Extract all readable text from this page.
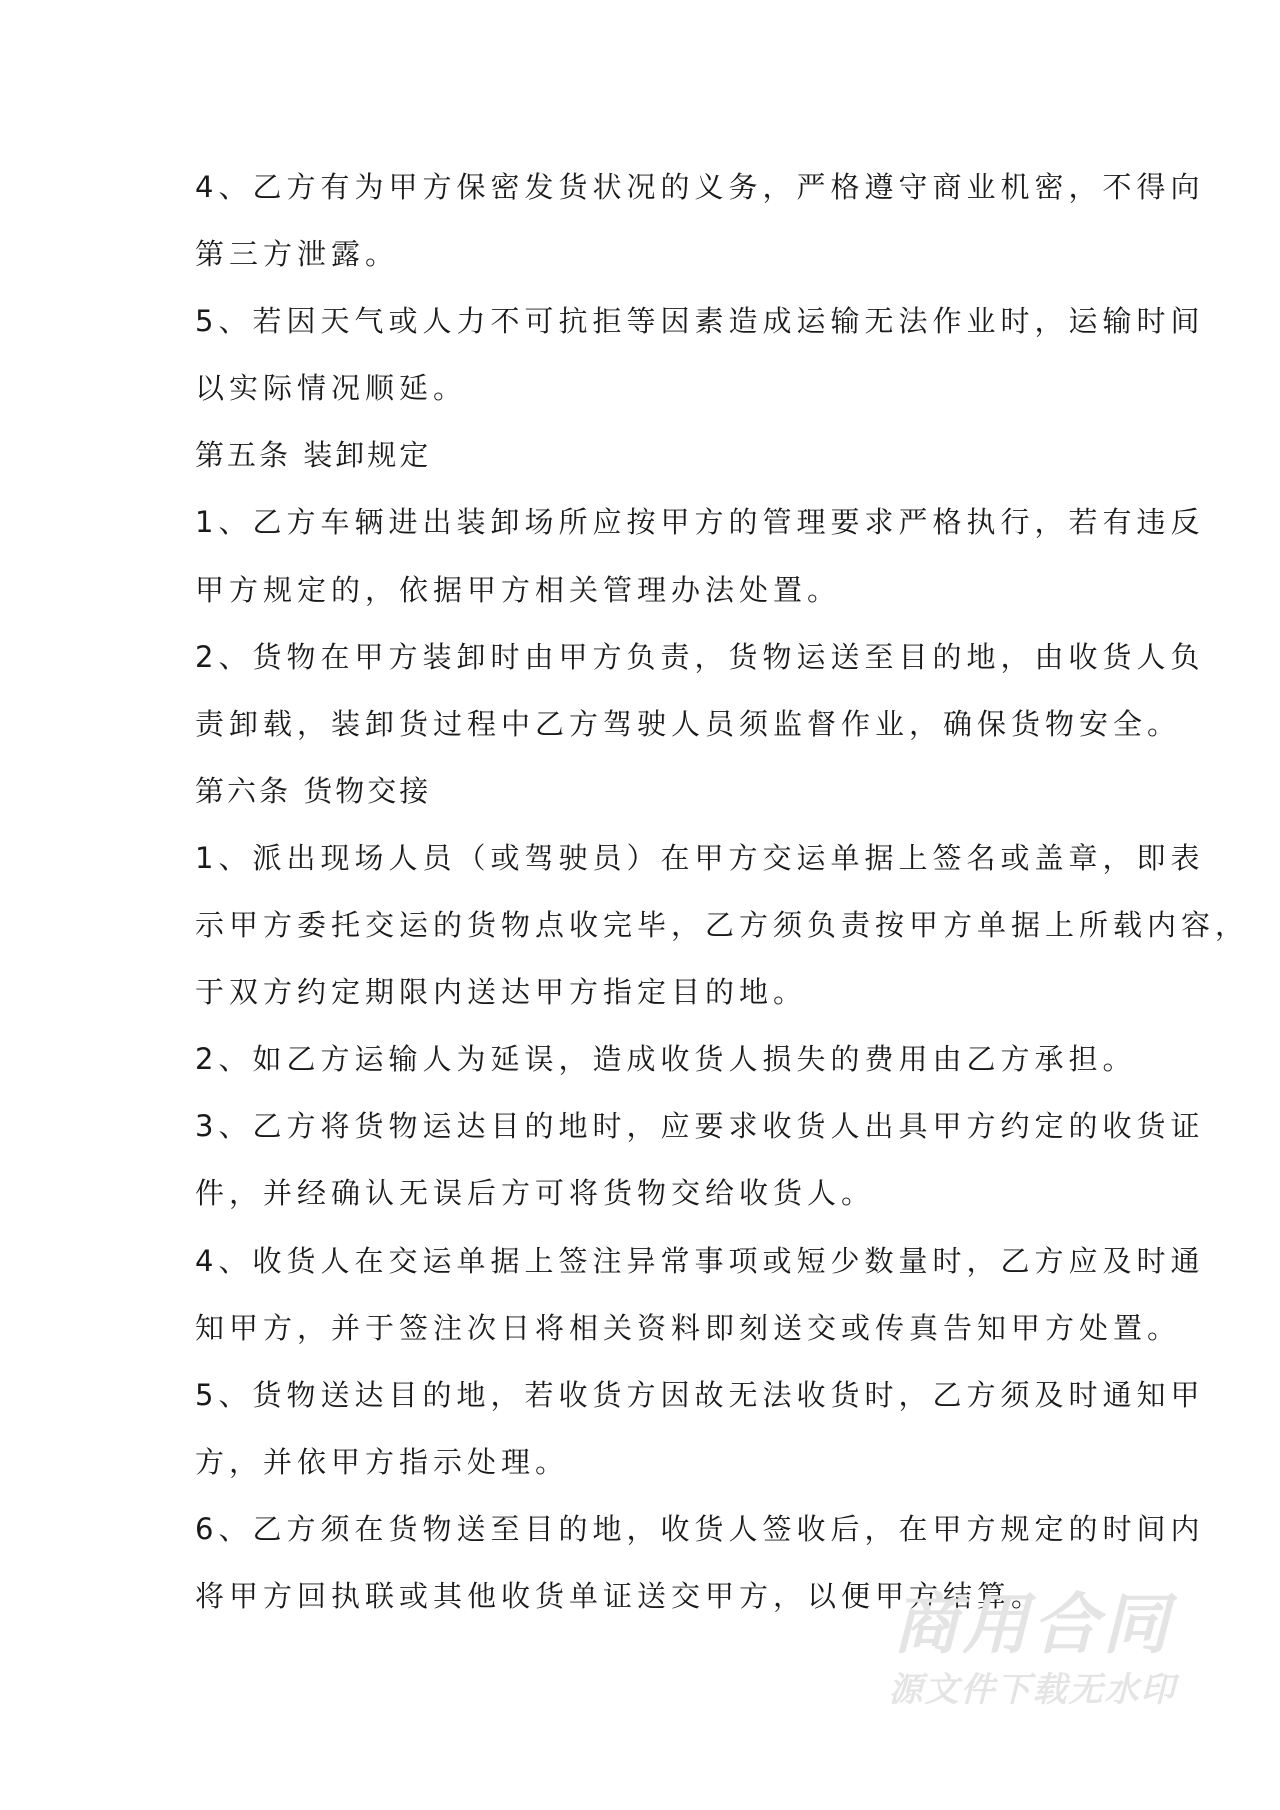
4、乙方有为甲方保密发货状况的义务，严格遵守商业机密，不得向
第三方泄露。
5、若因天气或人力不可抗拒等因素造成运输无法作业时，运输时间
以实际情况顺延。
第五条 装卸规定
1、乙方车辆进出装卸场所应按甲方的管理要求严格执行，若有违反
甲方规定的，依据甲方相关管理办法处置。
2、货物在甲方装卸时由甲方负责，货物运送至目的地，由收货人负
责卸载，装卸货过程中乙方驾驶人员须监督作业，确保货物安全。
第六条 货物交接
1、派出现场人员（或驾驶员）在甲方交运单据上签名或盖章，即表
示甲方委托交运的货物点收完毕，乙方须负责按甲方单据上所载内容，
于双方约定期限内送达甲方指定目的地。
2、如乙方运输人为延误，造成收货人损失的费用由乙方承担。
3、乙方将货物运达目的地时，应要求收货人出具甲方约定的收货证
件，并经确认无误后方可将货物交给收货人。
4、收货人在交运单据上签注异常事项或短少数量时，乙方应及时通
知甲方，并于签注次日将相关资料即刻送交或传真告知甲方处置。
5、货物送达目的地，若收货方因故无法收货时，乙方须及时通知甲
方，并依甲方指示处理。
6、乙方须在货物送至目的地，收货人签收后，在甲方规定的时间内
将甲方回执联或其他收货单证送交甲方，以便甲方结算。
商用合同
源文件下载无水印
